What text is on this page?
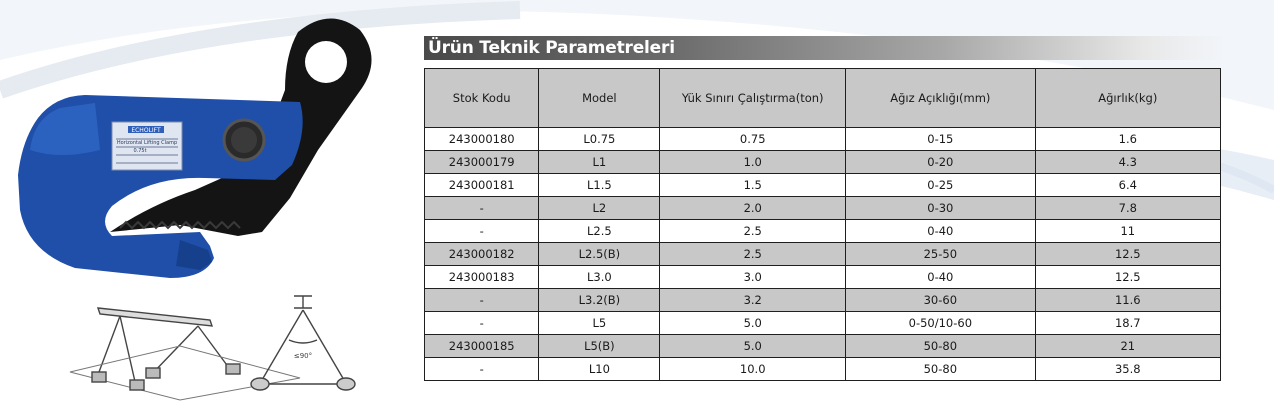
Ürün Teknik Parametreleri
Stok Kodu	Model	Yük Sınırı Çalıştırma(ton)	Ağız Açıklığı(mm)	Ağırlık(kg)
243000180	L0.75	0.75	0-15	1.6
243000179	L1	1.0	0-20	4.3
243000181	L1.5	1.5	0-25	6.4
-	L2	2.0	0-30	7.8
-	L2.5	2.5	0-40	11
243000182	L2.5(B)	2.5	25-50	12.5
243000183	L3.0	3.0	0-40	12.5
-	L3.2(B)	3.2	30-60	11.6
-	L5	5.0	0-50/10-60	18.7
243000185	L5(B)	5.0	50-80	21
-	L10	10.0	50-80	35.8
ECHOLIFT
Horizontal Lifting Clamp
0.75t
≤90°
